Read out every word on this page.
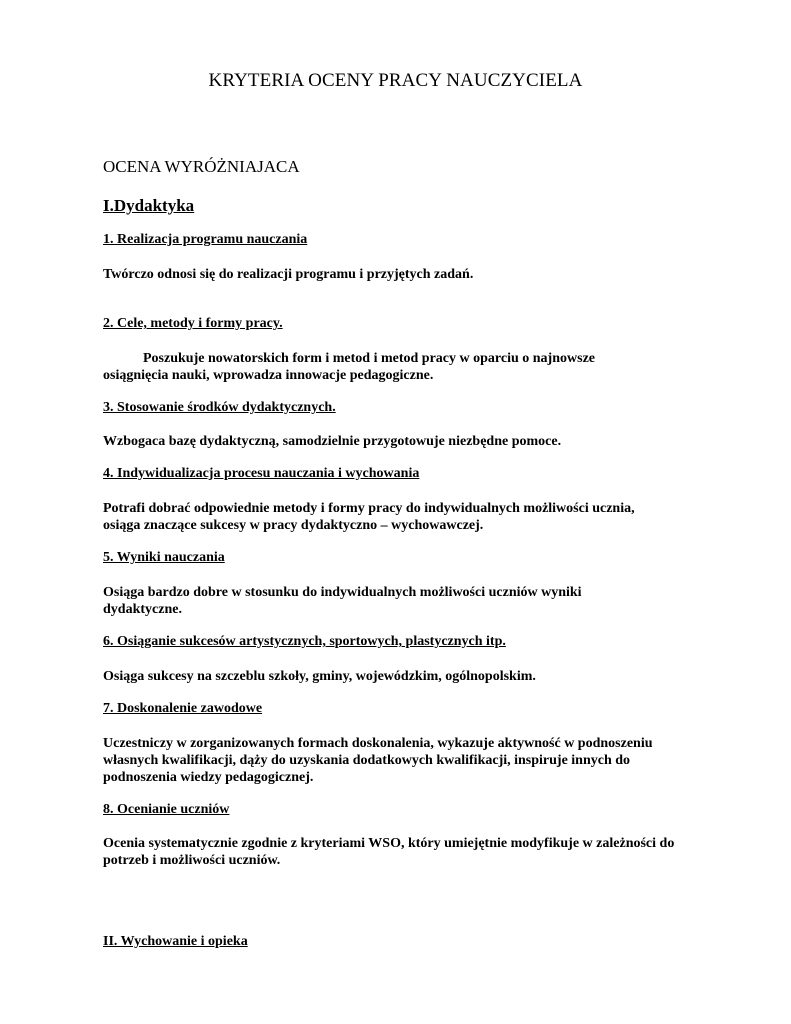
KRYTERIA OCENY PRACY NAUCZYCIELA
OCENA WYRÓŻNIAJACA
I.Dydaktyka
1. Realizacja programu nauczania
Twórczo odnosi się do realizacji programu i przyjętych zadań.
2. Cele, metody i formy pracy.
Poszukuje nowatorskich form i metod i metod pracy w oparciu o najnowsze osiągnięcia nauki, wprowadza innowacje pedagogiczne.
3. Stosowanie środków dydaktycznych.
Wzbogaca bazę dydaktyczną, samodzielnie przygotowuje niezbędne pomoce.
4. Indywidualizacja procesu nauczania i wychowania
Potrafi dobrać odpowiednie metody i formy pracy do indywidualnych możliwości ucznia, osiąga znaczące sukcesy w pracy dydaktyczno – wychowawczej.
5. Wyniki nauczania
Osiąga bardzo dobre w stosunku do indywidualnych możliwości uczniów wyniki dydaktyczne.
6. Osiąganie sukcesów artystycznych, sportowych, plastycznych itp.
Osiąga sukcesy na szczeblu szkoły, gminy, wojewódzkim, ogólnopolskim.
7. Doskonalenie zawodowe
Uczestniczy w zorganizowanych formach doskonalenia, wykazuje aktywność w podnoszeniu własnych kwalifikacji, dąży do uzyskania dodatkowych kwalifikacji, inspiruje innych do podnoszenia wiedzy pedagogicznej.
8. Ocenianie uczniów
Ocenia systematycznie zgodnie z kryteriami WSO, który umiejętnie modyfikuje w zależności do potrzeb i możliwości uczniów.
II. Wychowanie i opieka
